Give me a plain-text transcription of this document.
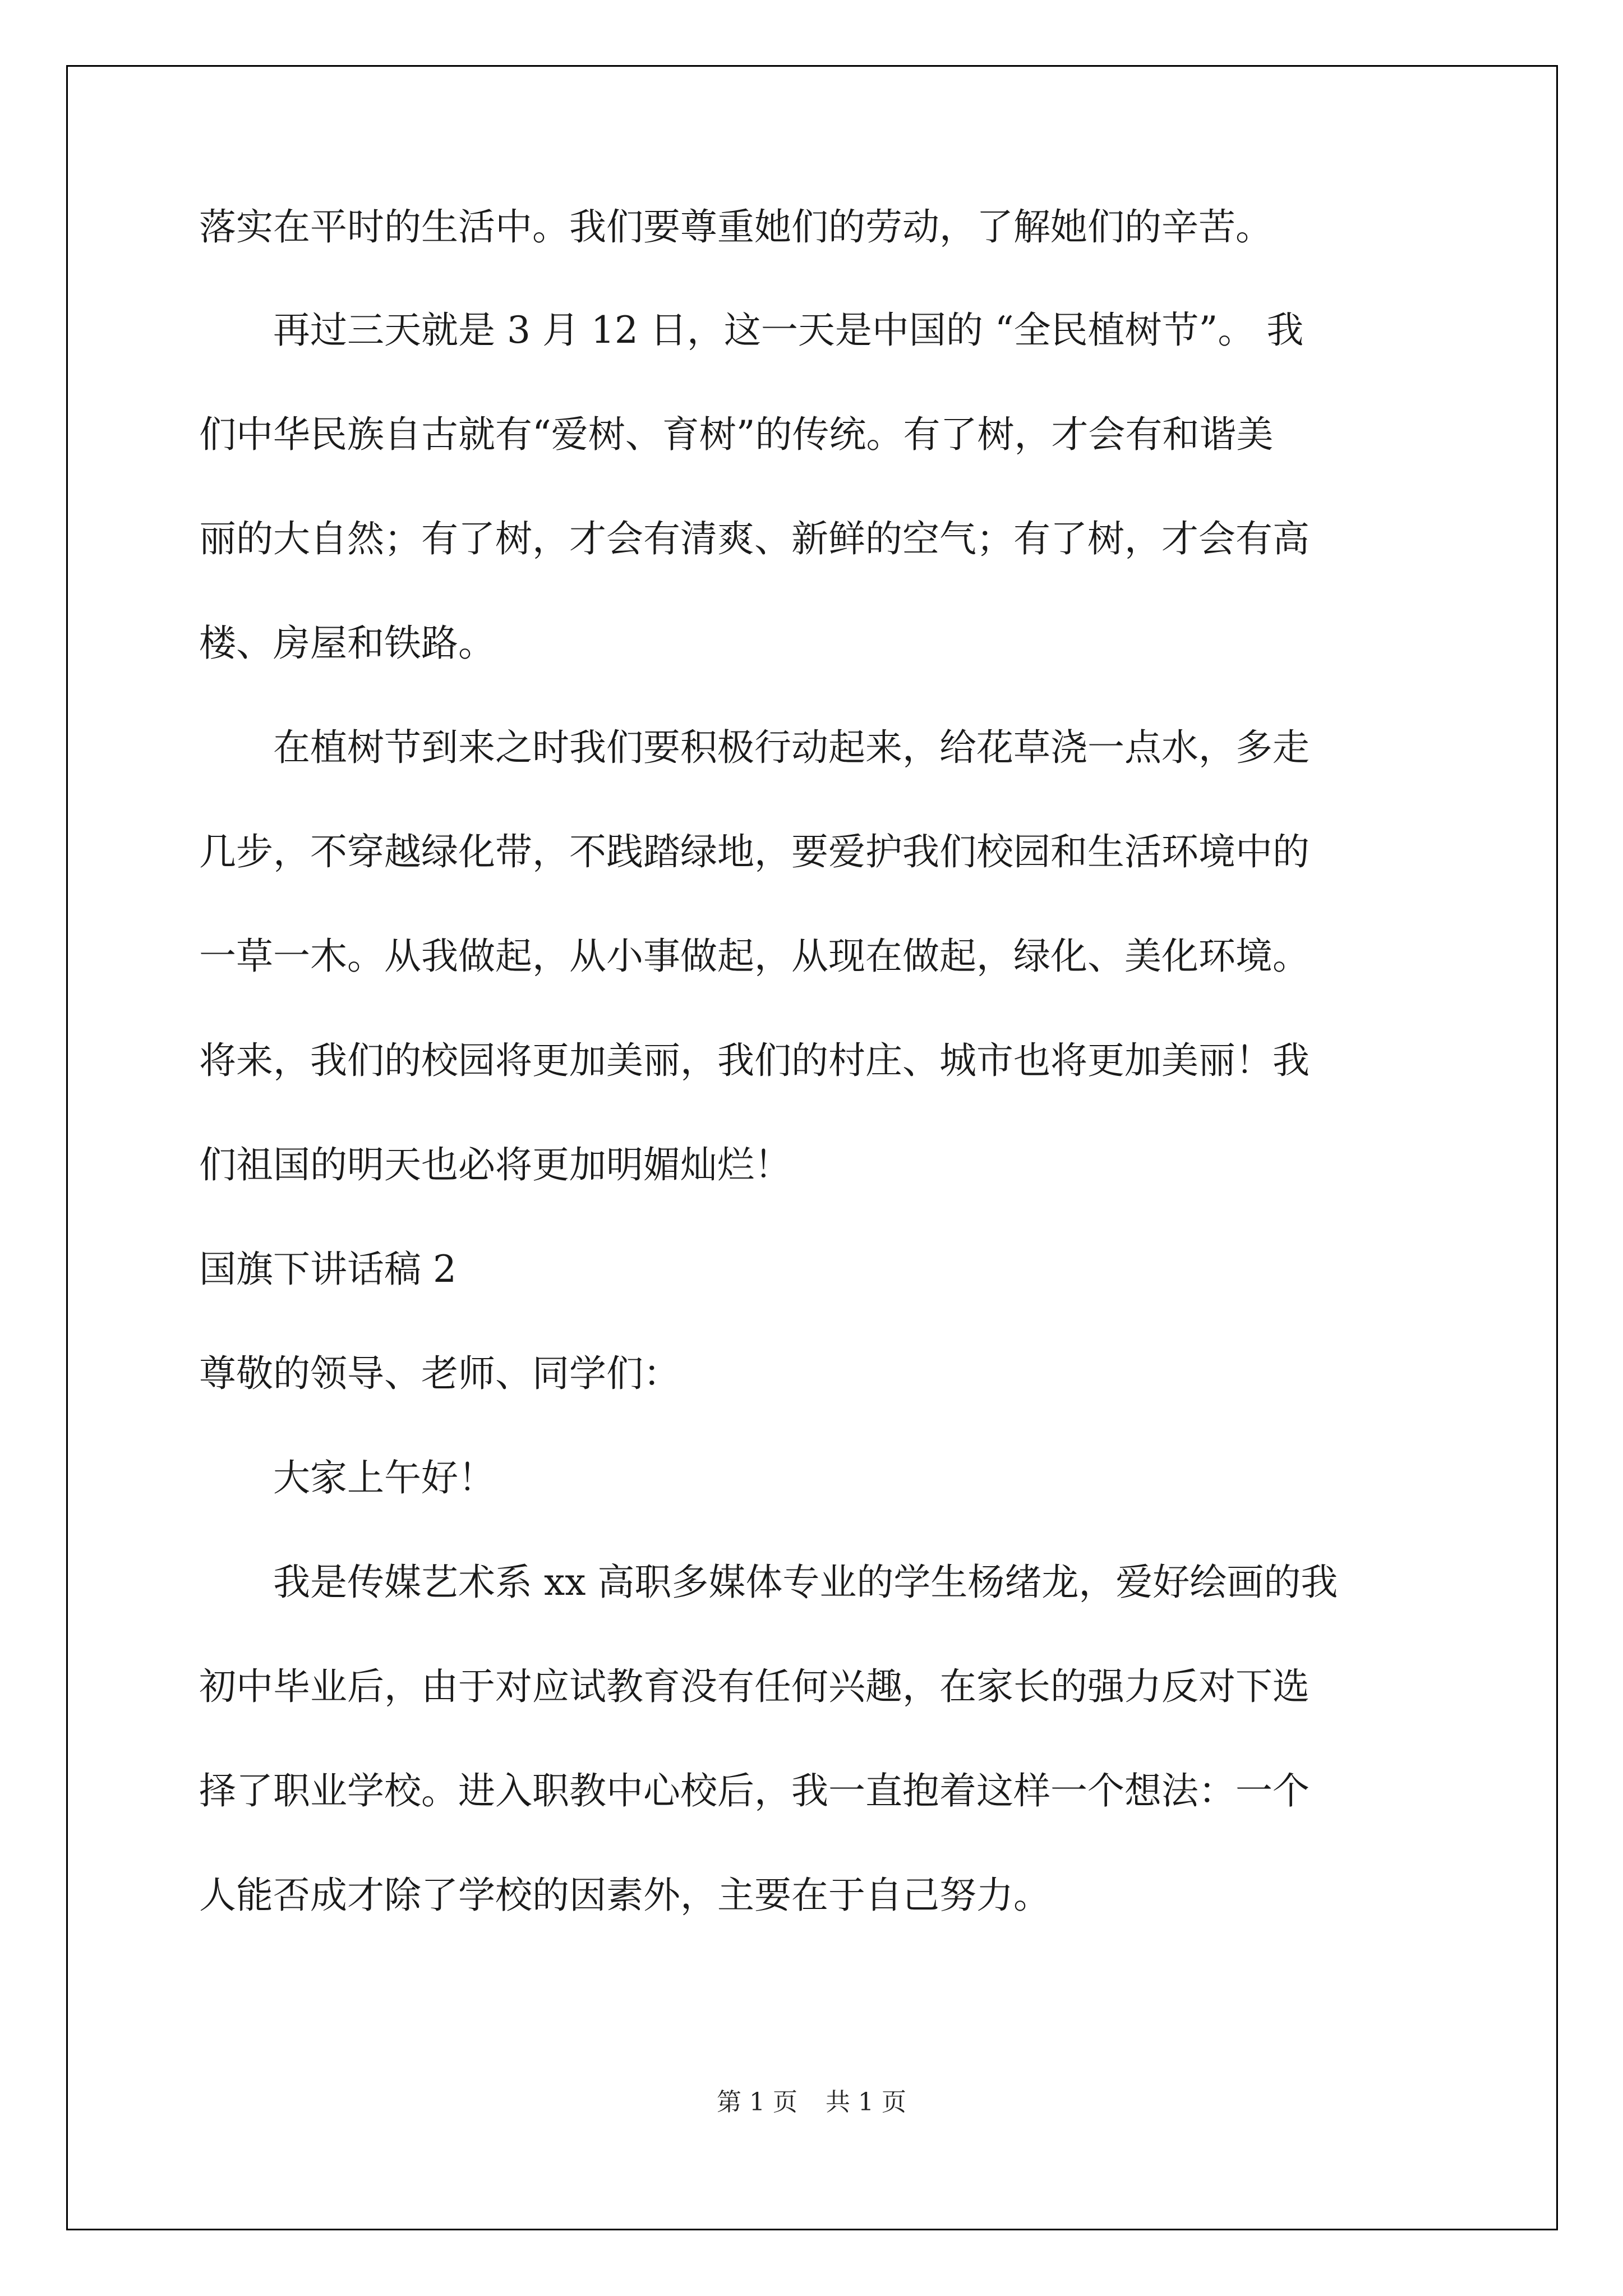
落实在平时的生活中。我们要尊重她们的劳动，了解她们的辛苦。
　　再过三天就是 3 月 12 日，这一天是中国的 “全民植树节”。 我
们中华民族自古就有“爱树、育树”的传统。有了树，才会有和谐美
丽的大自然；有了树，才会有清爽、新鲜的空气；有了树，才会有高
楼、房屋和铁路。
　　在植树节到来之时我们要积极行动起来，给花草浇一点水，多走
几步，不穿越绿化带，不践踏绿地，要爱护我们校园和生活环境中的
一草一木。从我做起，从小事做起，从现在做起，绿化、美化环境。
将来，我们的校园将更加美丽，我们的村庄、城市也将更加美丽！我
们祖国的明天也必将更加明媚灿烂！
国旗下讲话稿 2
尊敬的领导、老师、同学们：
　　大家上午好！
　　我是传媒艺术系 xx 高职多媒体专业的学生杨绪龙，爱好绘画的我
初中毕业后，由于对应试教育没有任何兴趣，在家长的强力反对下选
择了职业学校。进入职教中心校后，我一直抱着这样一个想法：一个
人能否成才除了学校的因素外，主要在于自己努力。
第 1 页 共 1 页
